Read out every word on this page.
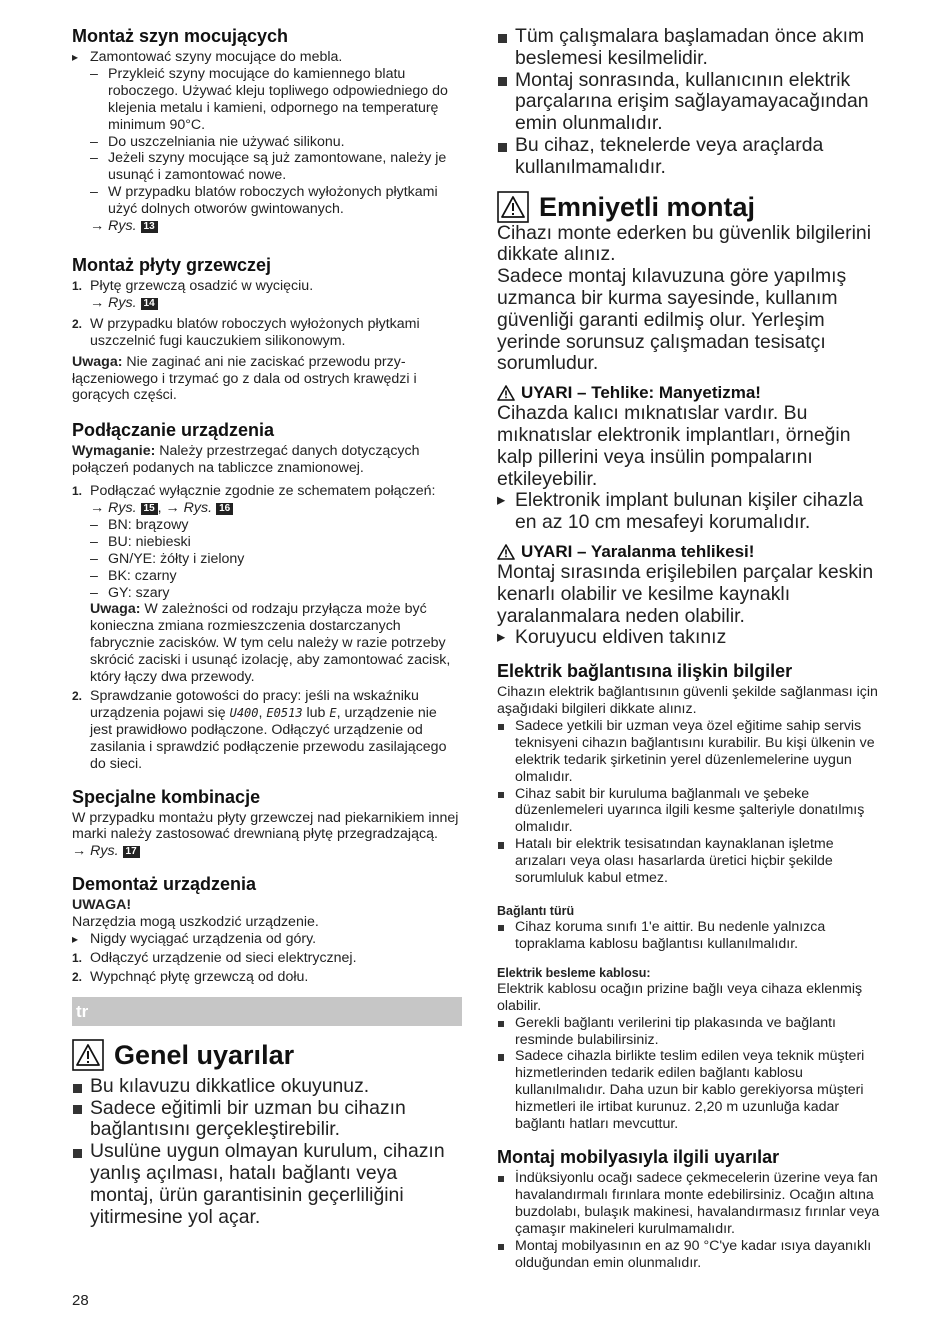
Montaż szyn mocujących
▸ Zamontować szyny mocujące do mebla.
– Przykleić szyny mocujące do kamiennego blatu roboczego. Używać kleju topliwego odpowiedniego do klejenia metalu i kamieni, odpornego na temperaturę minimum 90°C.
– Do uszczelniania nie używać silikonu.
– Jeżeli szyny mocujące są już zamontowane, należy je usunąć i zamontować nowe.
– W przypadku blatów roboczych wyłożonych płytkami użyć dolnych otworów gwintowanych.

→ Rys. 13

Montaż płyty grzewczej
1. Płytę grzewczą osadzić w wycięciu.
→ Rys. 14
2. W przypadku blatów roboczych wyłożonych płytkami uszczelnić fugi kauczukiem silikonowym.

Uwaga: Nie zaginać ani nie zaciskać przewodu przyłączeniowego i trzymać go z dala od ostrych krawędzi i gorących części.

Podłączanie urządzenia

Wymaganie: Należy przestrzegać danych dotyczących połączeń podanych na tabliczce znamionowej.

1. Podłączać wyłącznie zgodnie ze schematem połączeń:
→ Rys. 15 , → Rys. 16
– BN: brązowy
– BU: niebieski
– GN/YE: żółty i zielony
– BK: czarny
– GY: szary

Uwaga: W zależności od rodzaju przyłącza może być konieczna zmiana rozmieszczenia dostarczanych fabrycznie zacisków. W tym celu należy w razie potrzeby skrócić zaciski i usunąć izolację, aby zamontować zacisk, który łączy dwa przewody.

2. Sprawdzanie gotowości do pracy: jeśli na wskaźniku urządzenia pojawi się U400, E0513 lub E, urządzenie nie jest prawidłowo podłączone. Odłączyć urządzenie od zasilania i sprawdzić podłączenie przewodu zasilającego do sieci.
Specjalne kombinacje

W przypadku montażu płyty grzewczej nad piekarnikiem innej marki należy zastosować drewnianą płytę przegradzającą.

→ Rys. 17

Demontaż urządzenia

UWAGA!

Narzędzia mogą uszkodzić urządzenie.

▸ Nigdy wyciągać urządzenia od góry.
1. Odłączyć urządzenie od sieci elektrycznej.
2. Wypchnąć płytę grzewczą od dołu.
tr
Genel uyarılar
Bu kılavuzu dikkatlice okuyunuz.
Sadece eğitimli bir uzman bu cihazın bağlantısını gerçekleştirebilir.
Usulüne uygun olmayan kurulum, cihazın yanlış açılması, hatalı bağlantı veya montaj, ürün garantisinin geçerliliğini yitirmesine yol açar.
28
Tüm çalışmalara başlamadan önce akım beslemesi kesilmelidir.
Montaj sonrasında, kullanıcının elektrik parçalarına erişim sağlayamayacağından emin olunmalıdır.
Bu cihaz, teknelerde veya araçlarda kullanılmamalıdır.
Emniyetli montaj

Cihazı monte ederken bu güvenlik bilgilerini dikkate alınız.

Sadece montaj kılavuzuna göre yapılmış uzmanca bir kurma sayesinde, kullanım güvenliği garanti edilmiş olur. Yerleşim yerinde sorunsuz çalışmadan tesisatçı sorumludur.

UYARI – Tehlike: Manyetizma!

Cihazda kalıcı mıknatıslar vardır. Bu mıknatıslar elektronik implantları, örneğin kalp pillerini veya insülin pompalarını etkileyebilir.

▸ Elektronik implant bulunan kişiler cihazla en az 10 cm mesafeyi korumalıdır.
UYARI – Yaralanma tehlikesi!

Montaj sırasında erişilebilen parçalar keskin kenarlı olabilir ve kesilme kaynaklı yaralanmalara neden olabilir.

▸ Koruyucu eldiven takınız
Elektrik bağlantısına ilişkin bilgiler

Cihazın elektrik bağlantısının güvenli şekilde sağlanması için aşağıdaki bilgileri dikkate alınız.

Sadece yetkili bir uzman veya özel eğitime sahip servis teknisyeni cihazın bağlantısını kurabilir. Bu kişi ülkenin ve elektrik tedarik şirketinin yerel düzenlemelerine uygun olmalıdır.
Cihaz sabit bir kuruluma bağlanmalı ve şebeke düzenlemeleri uyarınca ilgili kesme şalteriyle donatılmış olmalıdır.
Hatalı bir elektrik tesisatından kaynaklanan işletme arızaları veya olası hasarlarda üretici hiçbir şekilde sorumluluk kabul etmez.

Bağlantı türü

Cihaz koruma sınıfı 1'e aittir. Bu nedenle yalnızca topraklama kablosu bağlantısı kullanılmalıdır.

Elektrik besleme kablosu:

Elektrik kablosu ocağın prizine bağlı veya cihaza eklenmiş olabilir.

Gerekli bağlantı verilerini tip plakasında ve bağlantı resminde bulabilirsiniz.
Sadece cihazla birlikte teslim edilen veya teknik müşteri hizmetlerinden tedarik edilen bağlantı kablosu kullanılmalıdır. Daha uzun bir kablo gerekiyorsa müşteri hizmetleri ile irtibat kurunuz. 2,20 m uzunluğa kadar bağlantı hatları mevcuttur.
Montaj mobilyasıyla ilgili uyarılar
İndüksiyonlu ocağı sadece çekmecelerin üzerine veya fan havalandırmalı fırınlara monte edebilirsiniz. Ocağın altına buzdolabı, bulaşık makinesi, havalandırmasız fırınlar veya çamaşır makineleri kurulmamalıdır.
Montaj mobilyasının en az 90 °C'ye kadar ısıya dayanıklı olduğundan emin olunmalıdır.
